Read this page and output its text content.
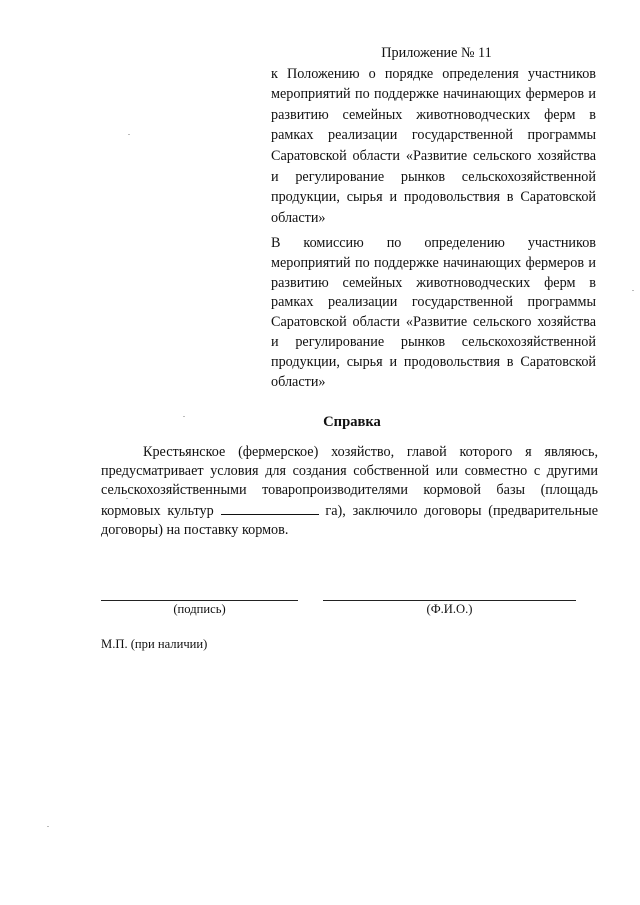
Приложение № 11
к Положению о порядке определения участников мероприятий по поддержке начинающих фермеров и развитию семейных животноводческих ферм в рамках реализации государственной программы Саратовской области «Развитие сельского хозяйства и регулирование рынков сельскохозяйственной продукции, сырья и продовольствия в Саратовской области»
В комиссию по определению участников мероприятий по поддержке начинающих фермеров и развитию семейных животноводческих ферм в рамках реализации государственной программы Саратовской области «Развитие сельского хозяйства и регулирование рынков сельскохозяйственной продукции, сырья и продовольствия в Саратовской области»
Справка
Крестьянское (фермерское) хозяйство, главой которого я являюсь, предусматривает условия для создания собственной или совместно с другими сельскохозяйственными товаропроизводителями кормовой базы (площадь кормовых культур	га), заключило договоры (предварительные договоры) на поставку кормов.
(подпись)	(Ф.И.О.)
М.П. (при наличии)
